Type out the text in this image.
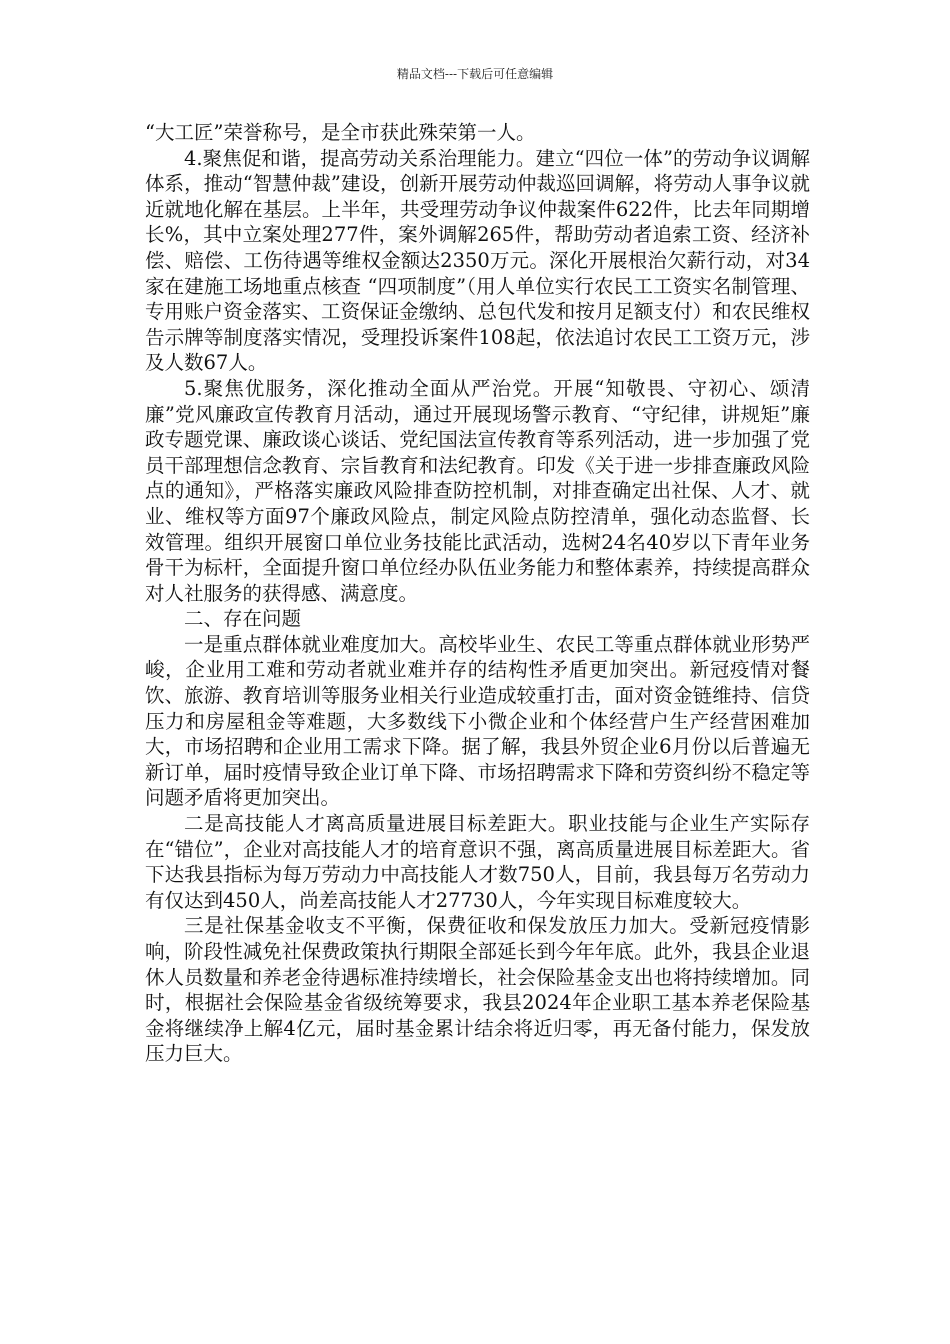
精品文档---下载后可任意编辑

“大工匠”荣誉称号，是全市获此殊荣第一人。

4.聚焦促和谐，提高劳动关系治理能力。建立“四位一体”的劳动争议调解体系，推动“智慧仲裁”建设，创新开展劳动仲裁巡回调解，将劳动人事争议就近就地化解在基层。上半年，共受理劳动争议仲裁案件622件，比去年同期增长%，其中立案处理277件，案外调解265件，帮助劳动者追索工资、经济补偿、赔偿、工伤待遇等维权金额达2350万元。深化开展根治欠薪行动，对34家在建施工场地重点核查 “四项制度”（用人单位实行农民工工资实名制管理、专用账户资金落实、工资保证金缴纳、总包代发和按月足额支付）和农民维权告示牌等制度落实情况，受理投诉案件108起，依法追讨农民工工资万元，涉及人数67人。

5.聚焦优服务，深化推动全面从严治党。开展“知敬畏、守初心、颂清廉”党风廉政宣传教育月活动，通过开展现场警示教育、“守纪律，讲规矩”廉政专题党课、廉政谈心谈话、党纪国法宣传教育等系列活动，进一步加强了党员干部理想信念教育、宗旨教育和法纪教育。印发《关于进一步排查廉政风险点的通知》，严格落实廉政风险排查防控机制，对排查确定出社保、人才、就业、维权等方面97个廉政风险点，制定风险点防控清单，强化动态监督、长效管理。组织开展窗口单位业务技能比武活动，选树24名40岁以下青年业务骨干为标杆，全面提升窗口单位经办队伍业务能力和整体素养，持续提高群众对人社服务的获得感、满意度。

二、存在问题

一是重点群体就业难度加大。高校毕业生、农民工等重点群体就业形势严峻，企业用工难和劳动者就业难并存的结构性矛盾更加突出。新冠疫情对餐饮、旅游、教育培训等服务业相关行业造成较重打击，面对资金链维持、信贷压力和房屋租金等难题，大多数线下小微企业和个体经营户生产经营困难加大，市场招聘和企业用工需求下降。据了解，我县外贸企业6月份以后普遍无新订单，届时疫情导致企业订单下降、市场招聘需求下降和劳资纠纷不稳定等问题矛盾将更加突出。

二是高技能人才离高质量进展目标差距大。职业技能与企业生产实际存在“错位”，企业对高技能人才的培育意识不强，离高质量进展目标差距大。省下达我县指标为每万劳动力中高技能人才数750人，目前，我县每万名劳动力有仅达到450人，尚差高技能人才27730人，今年实现目标难度较大。

三是社保基金收支不平衡，保费征收和保发放压力加大。受新冠疫情影响，阶段性减免社保费政策执行期限全部延长到今年年底。此外，我县企业退休人员数量和养老金待遇标准持续增长，社会保险基金支出也将持续增加。同时，根据社会保险基金省级统筹要求，我县2024年企业职工基本养老保险基金将继续净上解4亿元，届时基金累计结余将近归零，再无备付能力，保发放压力巨大。
